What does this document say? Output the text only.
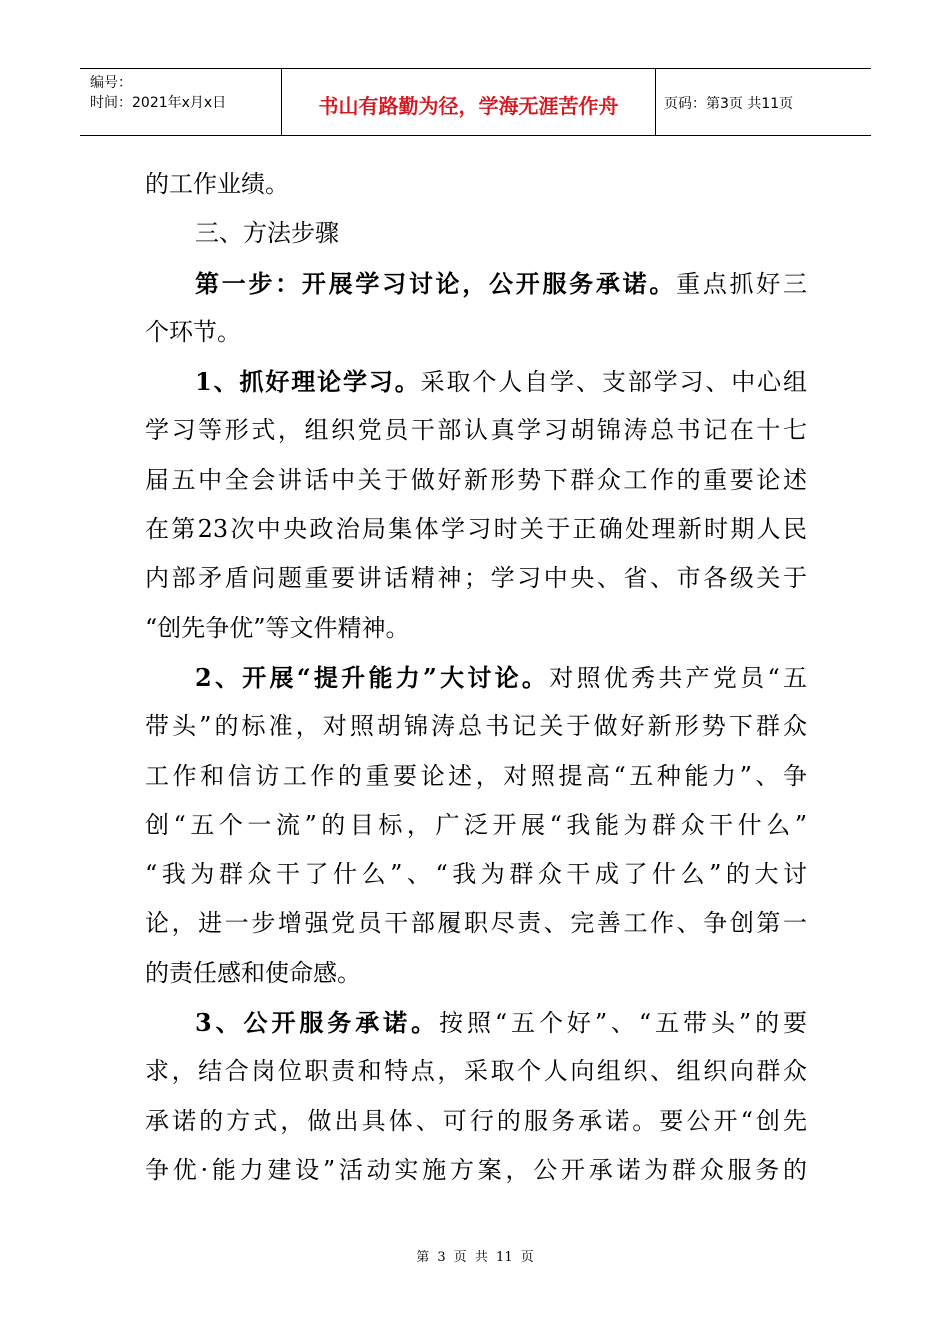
编号：
时间：2021年x月x日	书山有路勤为径，学海无涯苦作舟	页码：第3页 共11页
的工作业绩。
三、方法步骤
第一步：开展学习讨论，公开服务承诺。重点抓好三
个环节。
1、抓好理论学习。采取个人自学、支部学习、中心组
学习等形式，组织党员干部认真学习胡锦涛总书记在十七
届五中全会讲话中关于做好新形势下群众工作的重要论述
在第23次中央政治局集体学习时关于正确处理新时期人民
内部矛盾问题重要讲话精神；学习中央、省、市各级关于
“创先争优”等文件精神。
2、开展“提升能力”大讨论。对照优秀共产党员“五
带头”的标准，对照胡锦涛总书记关于做好新形势下群众
工作和信访工作的重要论述，对照提高“五种能力”、争
创“五个一流”的目标，广泛开展“我能为群众干什么”
“我为群众干了什么”、“我为群众干成了什么”的大讨
论，进一步增强党员干部履职尽责、完善工作、争创第一
的责任感和使命感。
3、公开服务承诺。按照“五个好”、“五带头”的要
求，结合岗位职责和特点，采取个人向组织、组织向群众
承诺的方式，做出具体、可行的服务承诺。要公开“创先
争优·能力建设”活动实施方案，公开承诺为群众服务的
第 3 页 共 11 页
